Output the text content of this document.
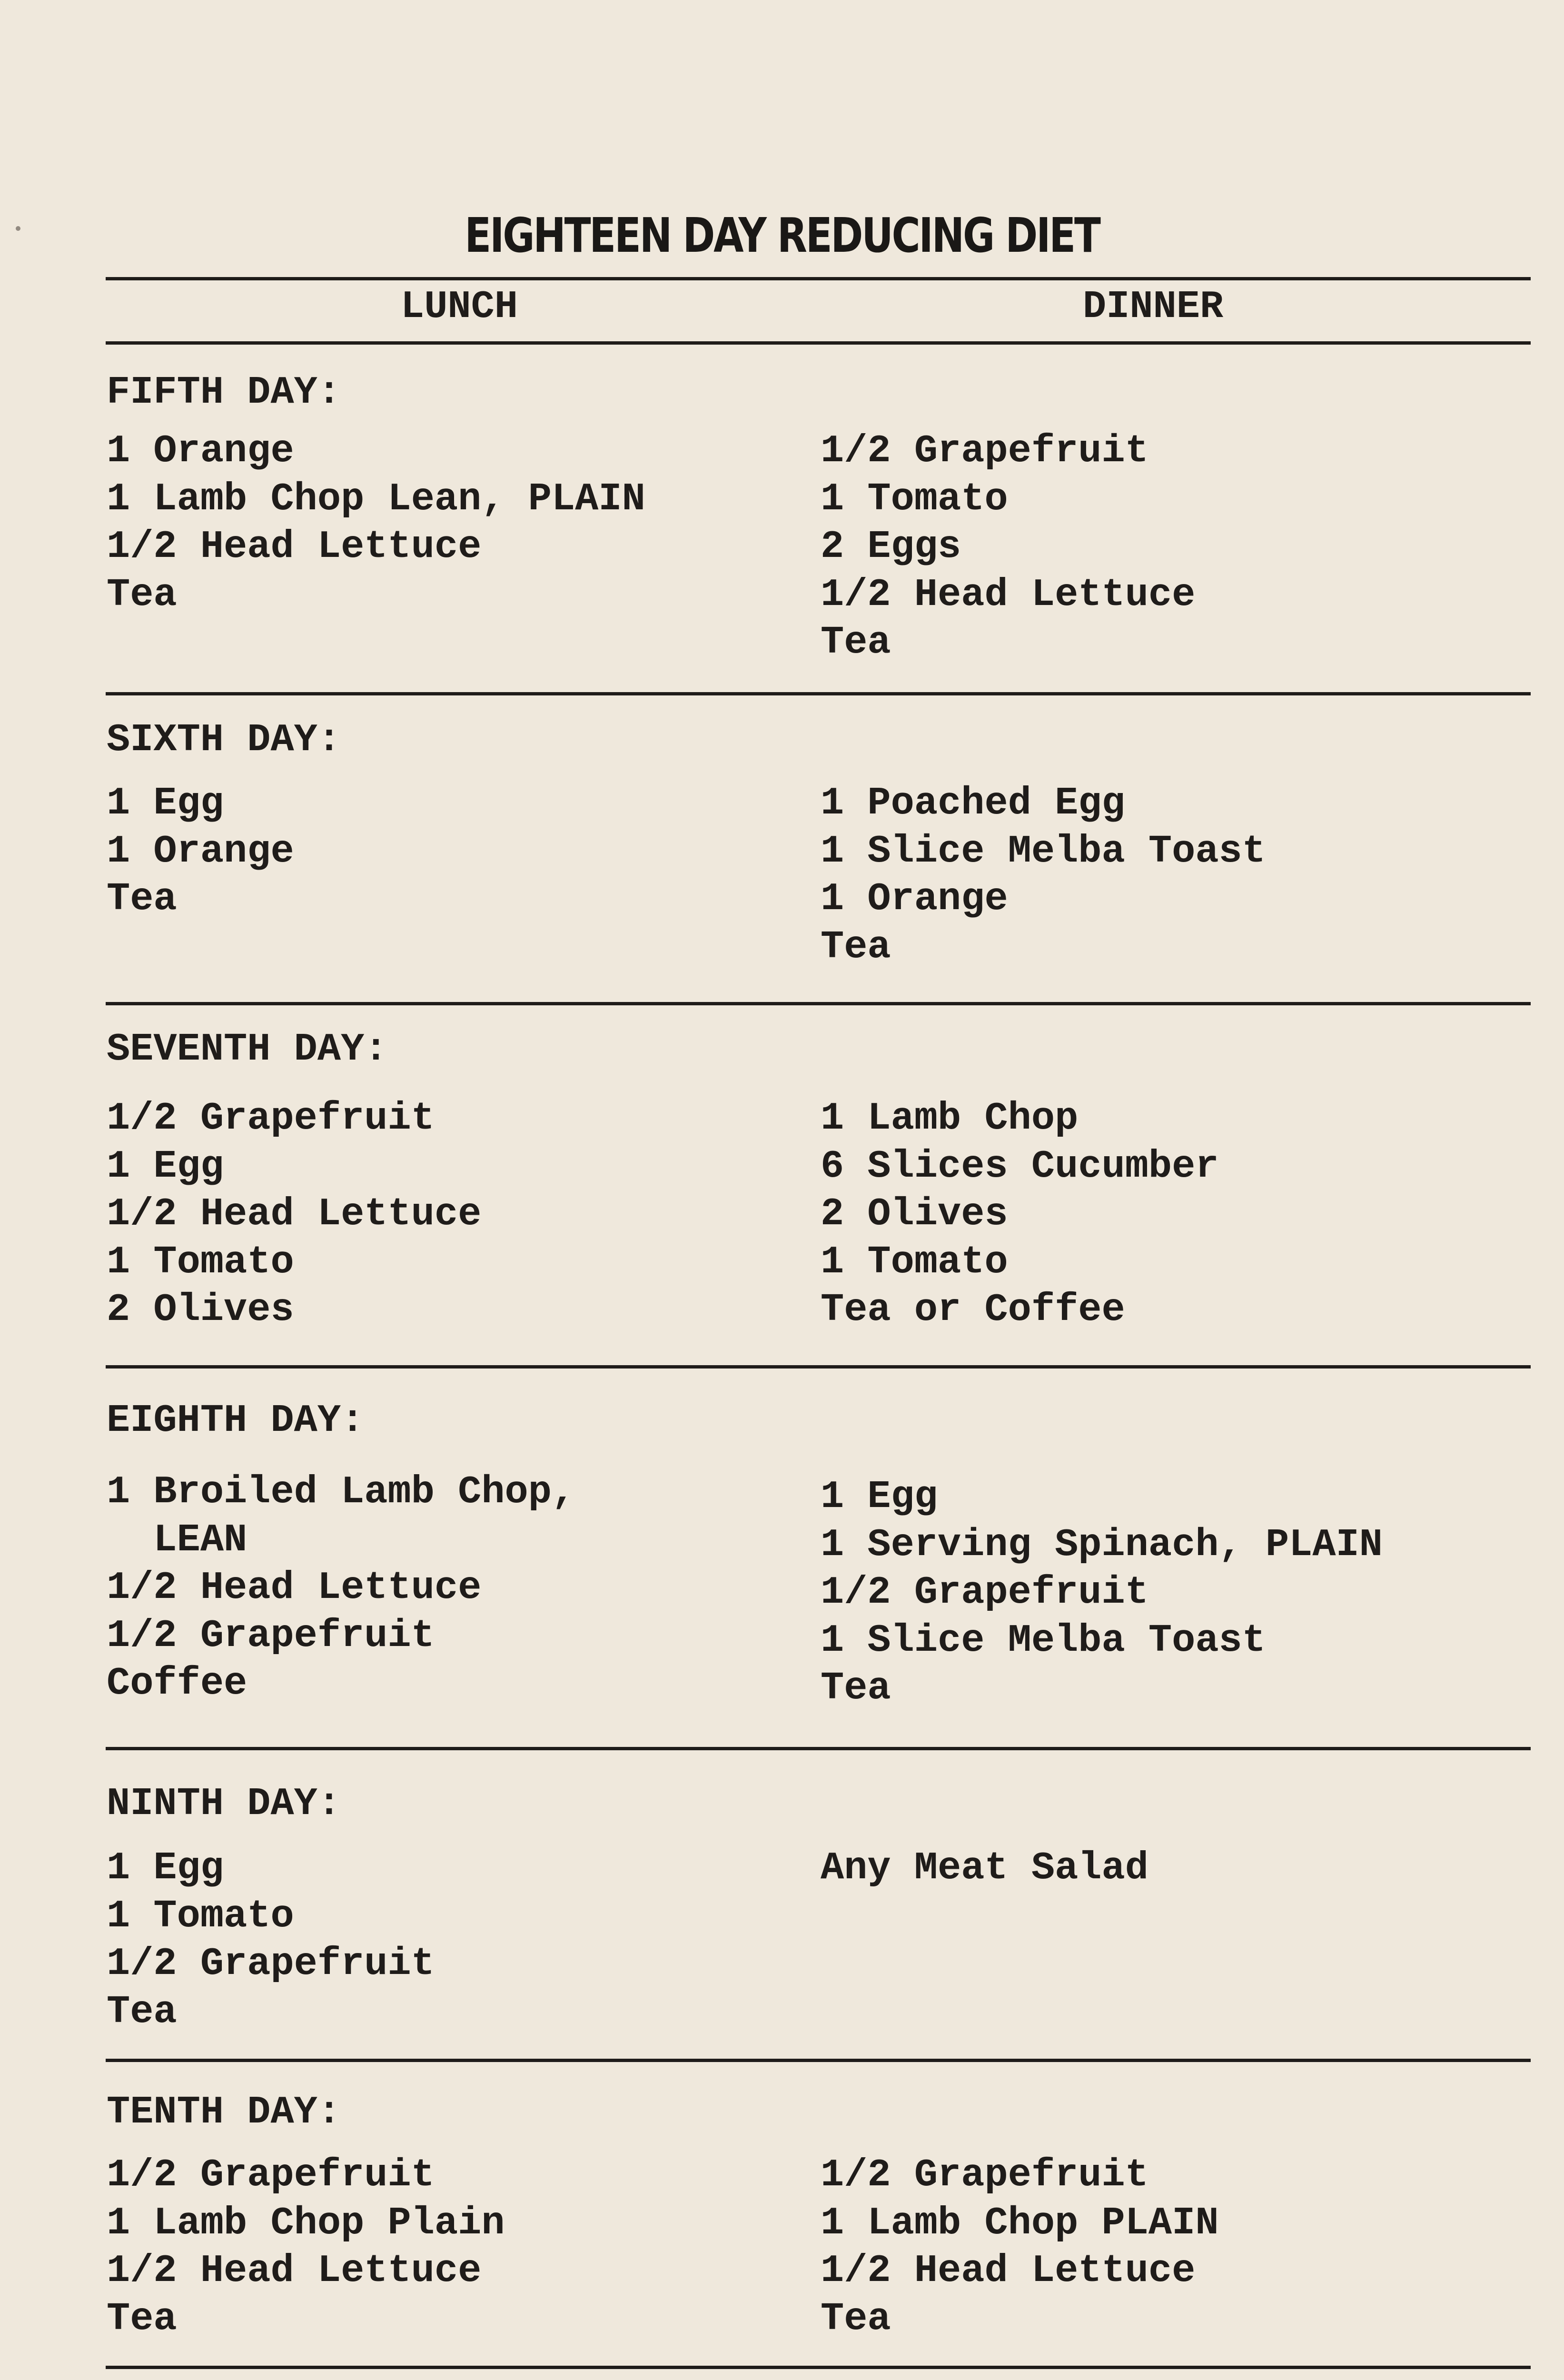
EIGHTEEN DAY REDUCING DIET
LUNCH	DINNER
FIFTH DAY:
1 Orange
1 Lamb Chop Lean, PLAIN
1/2 Head Lettuce
Tea
1/2 Grapefruit
1 Tomato
2 Eggs
1/2 Head Lettuce
Tea
SIXTH DAY:
1 Egg
1 Orange
Tea
1 Poached Egg
1 Slice Melba Toast
1 Orange
Tea
SEVENTH DAY:
1/2 Grapefruit
1 Egg
1/2 Head Lettuce
1 Tomato
2 Olives
1 Lamb Chop
6 Slices Cucumber
2 Olives
1 Tomato
Tea or Coffee
EIGHTH DAY:
1 Broiled Lamb Chop,
LEAN
1/2 Head Lettuce
1/2 Grapefruit
Coffee
1 Egg
1 Serving Spinach, PLAIN
1/2 Grapefruit
1 Slice Melba Toast
Tea
NINTH DAY:
1 Egg
1 Tomato
1/2 Grapefruit
Tea
Any Meat Salad
TENTH DAY:
1/2 Grapefruit
1 Lamb Chop Plain
1/2 Head Lettuce
Tea
1/2 Grapefruit
1 Lamb Chop PLAIN
1/2 Head Lettuce
Tea
